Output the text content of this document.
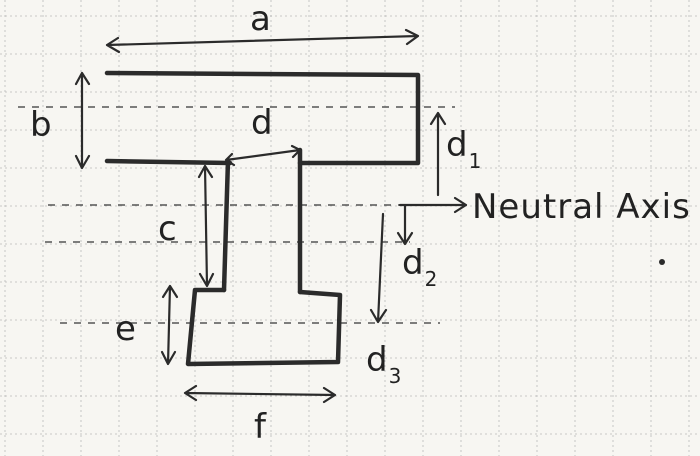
a
b	d
c
e
f
d1
d2
d3
Neutral Axis
